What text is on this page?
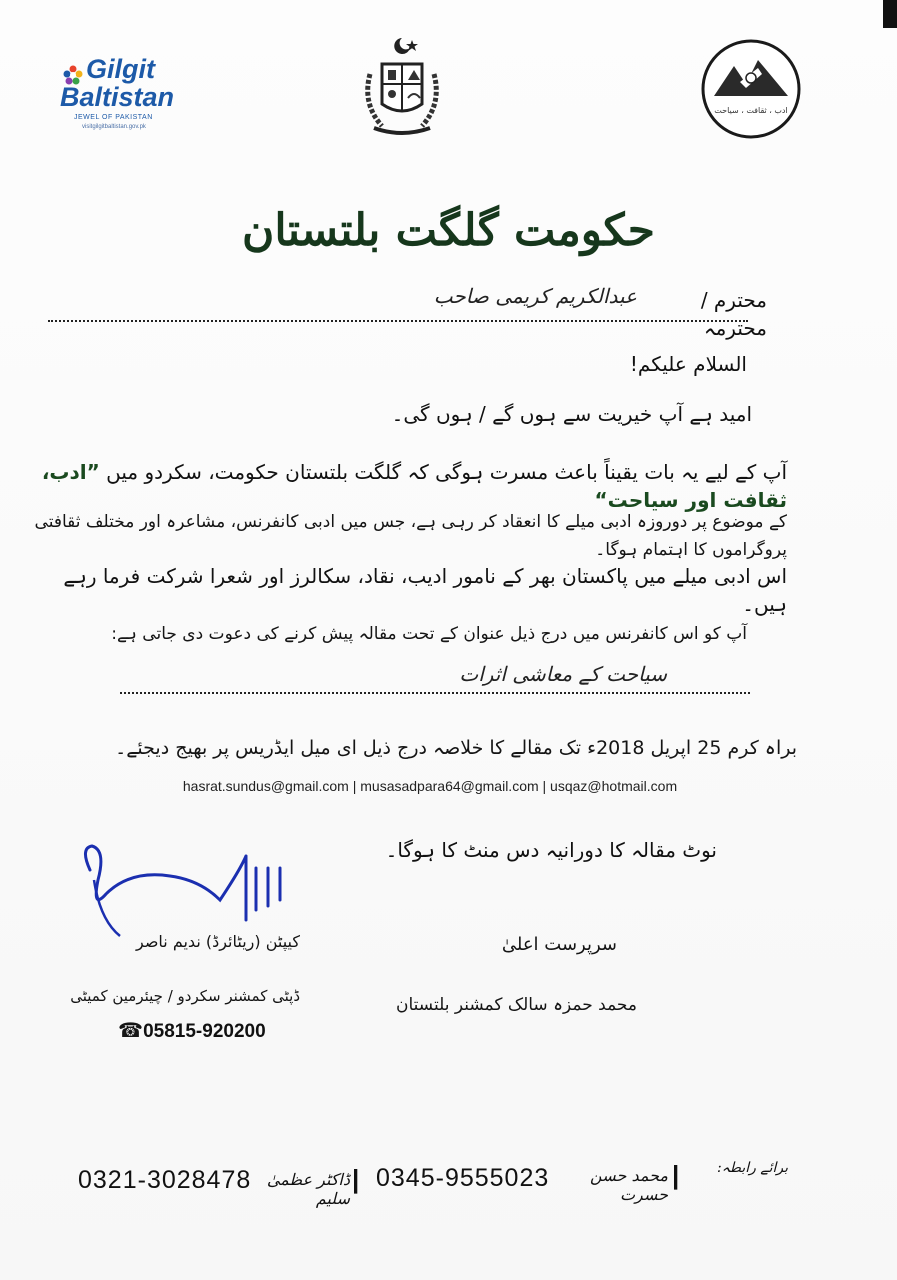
Gilgit
Baltistan
JEWEL OF PAKISTAN
visitgilgitbaltistan.gov.pk
ادب ، ثقافت ، سیاحت
حکومت گلگت بلتستان
محترم / محترمہ
عبدالکریم کریمی صاحب
السلام علیکم!
امید ہے آپ خیریت سے ہوں گے / ہوں گی۔
آپ کے لیے یہ بات یقیناً باعث مسرت ہوگی کہ گلگت بلتستان حکومت، سکردو میں ”ادب، ثقافت اور سیاحت“
کے موضوع پر دوروزہ ادبی میلے کا انعقاد کر رہی ہے، جس میں ادبی کانفرنس، مشاعرہ اور مختلف ثقافتی پروگراموں کا اہتمام ہوگا۔
اس ادبی میلے میں پاکستان بھر کے نامور ادیب، نقاد، سکالرز اور شعرا شرکت فرما رہے ہیں۔
آپ کو اس کانفرنس میں درج ذیل عنوان کے تحت مقالہ پیش کرنے کی دعوت دی جاتی ہے:
سیاحت کے معاشی اثرات
براہ کرم 25 اپریل 2018ء تک مقالے کا خلاصہ درج ذیل ای میل ایڈریس پر بھیج دیجئے۔
hasrat.sundus@gmail.com | musasadpara64@gmail.com | usqaz@hotmail.com
نوٹ مقالہ کا دورانیہ دس منٹ کا ہوگا۔
کیپٹن (ریٹائرڈ) ندیم ناصر
ڈپٹی کمشنر سکردو / چیئرمین کمیٹی
☎ 05815-920200
سرپرست اعلیٰ
محمد حمزہ سالک کمشنر بلتستان
0321-3028478 ڈاکٹر عظمیٰ سلیم
| 0345-9555023	محمد حسن حسرت
|	برائے رابطہ:
